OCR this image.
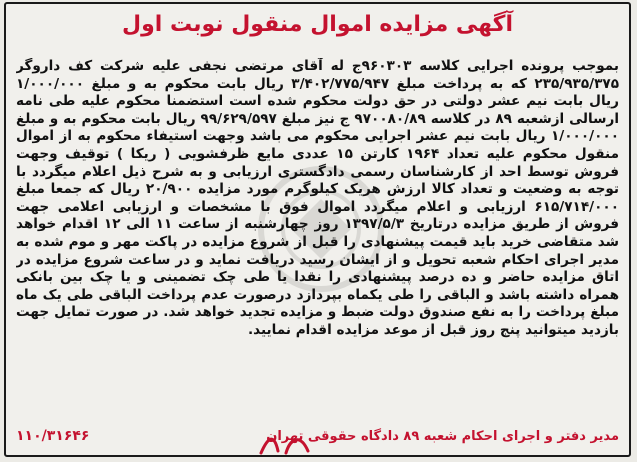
آگهی مزایده اموال منقول نوبت اول
بموجب پرونده اجرایی کلاسه ۹۶۰۳۰۳ج له آقای مرتضی نجفی علیه شرکت کف داروگر ۲۳۵/۹۳۵/۳۷۵ که به پرداخت مبلغ ۳/۴۰۲/۷۷۵/۹۴۷ ریال بابت محکوم به و مبلغ ۱/۰۰۰/۰۰۰ ریال بابت نیم عشر دولتی در حق دولت محکوم شده است استضمنا محکوم علیه طی نامه ارسالی ازشعبه ۸۹ در کلاسه ۹۷۰۰۸۰/۸۹ ج نیز مبلغ ۹۹/۶۲۹/۵۹۷ ریال بابت محکوم به و مبلغ ۱/۰۰۰/۰۰۰ ریال بابت نیم عشر اجرایی محکوم می باشد وجهت استیفاء محکوم به از اموال منقول محکوم علیه تعداد ۱۹۶۴ کارتن ۱۵ عددی مایع ظرفشویی ( ریکا ) توقیف وجهت فروش توسط احد از کارشناسان رسمی دادگستری ارزیابی و به شرح ذیل اعلام میگردد با توجه به وضعیت و تعداد کالا ارزش هریک کیلوگرم مورد مزایده ۲۰/۹۰۰ ریال که جمعا مبلغ ۶۱۵/۷۱۴/۰۰۰ ارزیابی و اعلام میگردد اموال فوق با مشخصات و ارزیابی اعلامی جهت فروش از طریق مزایده درتاریخ ۱۳۹۷/۵/۳ روز چهارشنبه از ساعت ۱۱ الی ۱۲ اقدام خواهد شد متقاضی خرید باید قیمت پیشنهادی را قبل از شروع مزایده در پاکت مهر و موم شده به مدیر اجرای احکام شعبه تحویل و از ایشان رسید دریافت نماید و در ساعت شروع مزایده در اتاق مزایده حاضر و ده درصد پیشنهادی را نقدا یا طی چک تضمینی و یا چک بین بانکی همراه داشته باشد و الباقی را طی یکماه بپردازد درصورت عدم پرداخت الباقی طی یک ماه مبلغ پرداخت را به نفع صندوق دولت ضبط و مزایده تجدید خواهد شد. در صورت تمایل جهت بازدید میتوانید پنج روز قبل از موعد مزایده اقدام نمایید.
۱۱۰/۳۱۶۴۶	مدیر دفتر و اجرای احکام شعبه ۸۹ دادگاه حقوقی تهران
